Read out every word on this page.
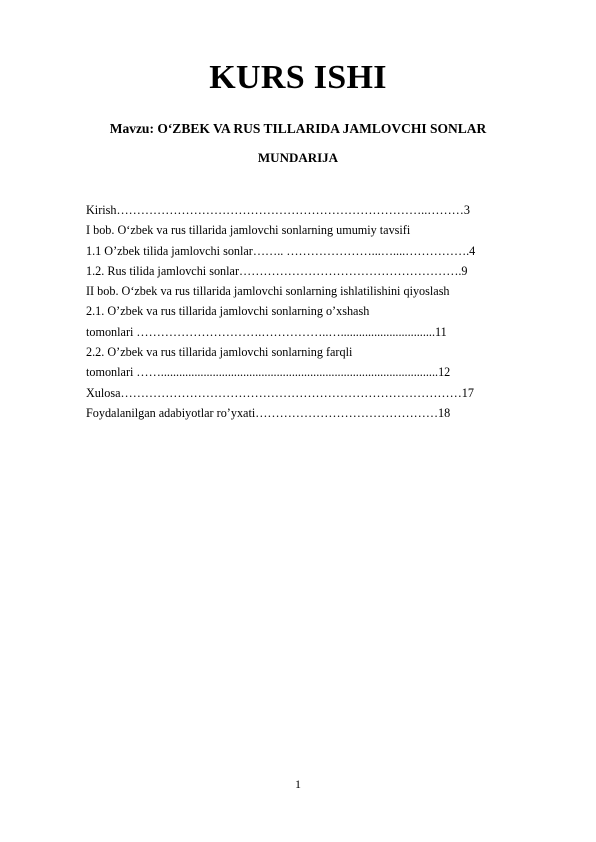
KURS ISHI
Mavzu: O‘ZBEK VA RUS TILLARIDA JAMLOVCHI SONLAR
MUNDARIJA
Kirish…………………………………………………………………..………3
I bob. O‘zbek va rus tillarida jamlovchi sonlarning umumiy tavsifi
1.1 O’zbek tilida jamlovchi sonlar…….. …………………...…....…………….4
1.2. Rus tilida jamlovchi sonlar……………………………………………….9
II bob. O‘zbek va rus tillarida jamlovchi sonlarning ishlatilishini qiyoslash
2.1. O’zbek va rus tillarida jamlovchi sonlarning o’xshash
tomonlari ………………………….……………..…...............................11
2.2. O’zbek va rus tillarida jamlovchi sonlarning farqli
tomonlari ……...........................................................................................12
Xulosa…………………………………………………………………………17
Foydalanilgan adabiyotlar ro’yxati………………………………………18
1
